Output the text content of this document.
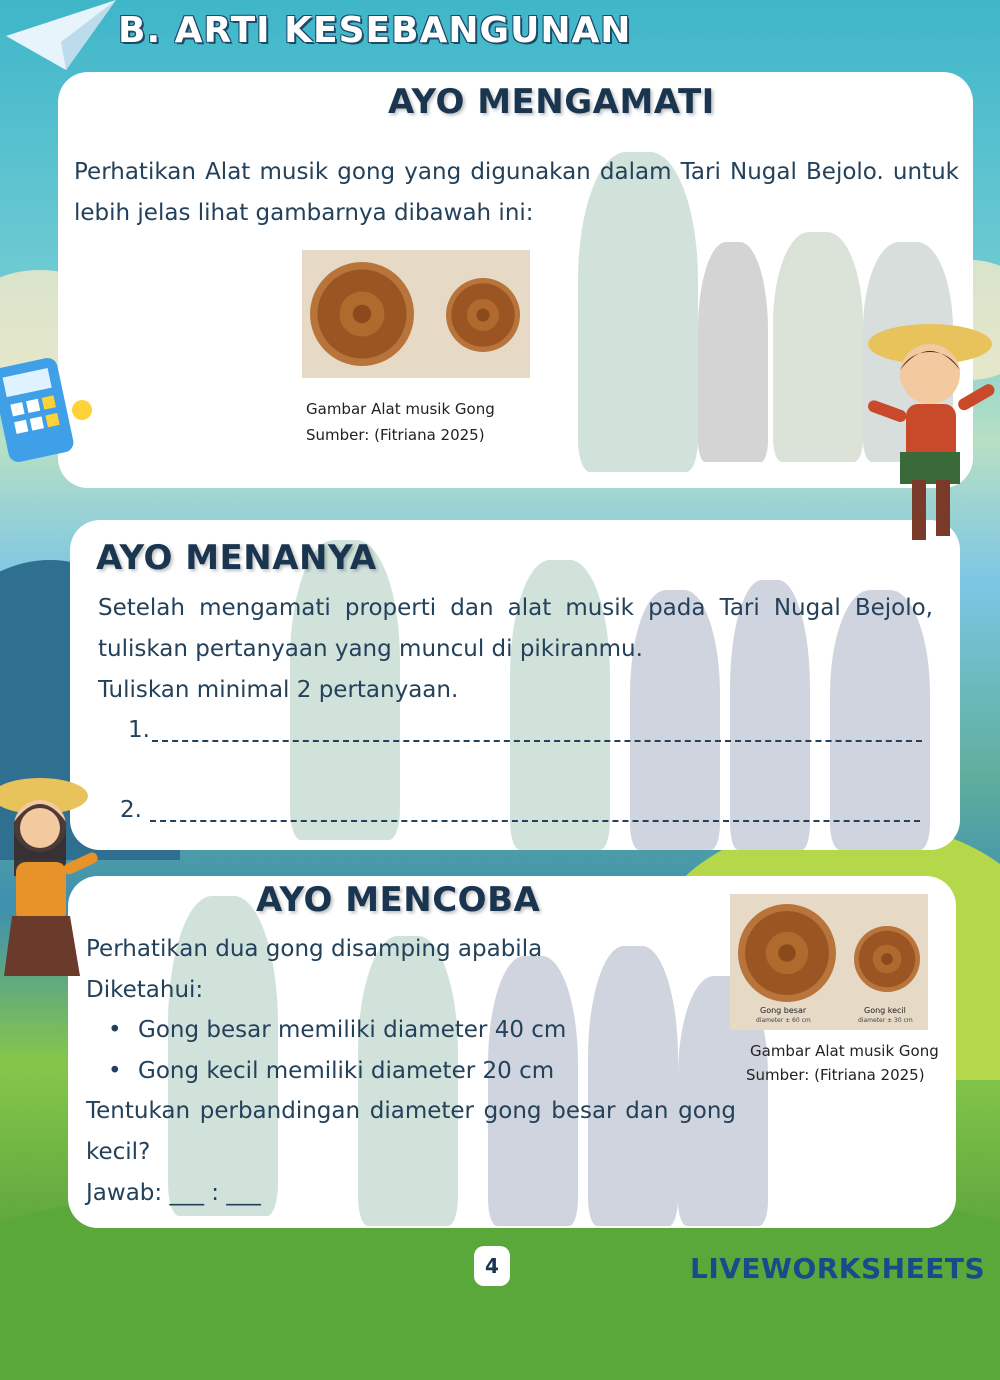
B. ARTI KESEBANGUNAN
AYO MENGAMATI
Perhatikan Alat musik gong yang digunakan dalam Tari Nugal Bejolo. untuk lebih jelas lihat gambarnya dibawah ini:
Gambar Alat musik Gong
Sumber: (Fitriana 2025)
AYO MENANYA
Setelah mengamati properti dan alat musik pada Tari Nugal Bejolo, tuliskan pertanyaan yang muncul di pikiranmu.
Tuliskan minimal 2 pertanyaan.
1.
2.
AYO MENCOBA
Perhatikan dua gong disamping apabila
Diketahui:
• Gong besar memiliki diameter 40 cm
• Gong kecil memiliki diameter 20 cm
Tentukan perbandingan diameter gong besar dan gong kecil?
Jawab: ___ : ___
Gong besar
diameter ± 60 cm
Gong kecil
diameter ± 30 cm
Gambar Alat musik Gong
Sumber: (Fitriana 2025)
4	LIVEWORKSHEETS
